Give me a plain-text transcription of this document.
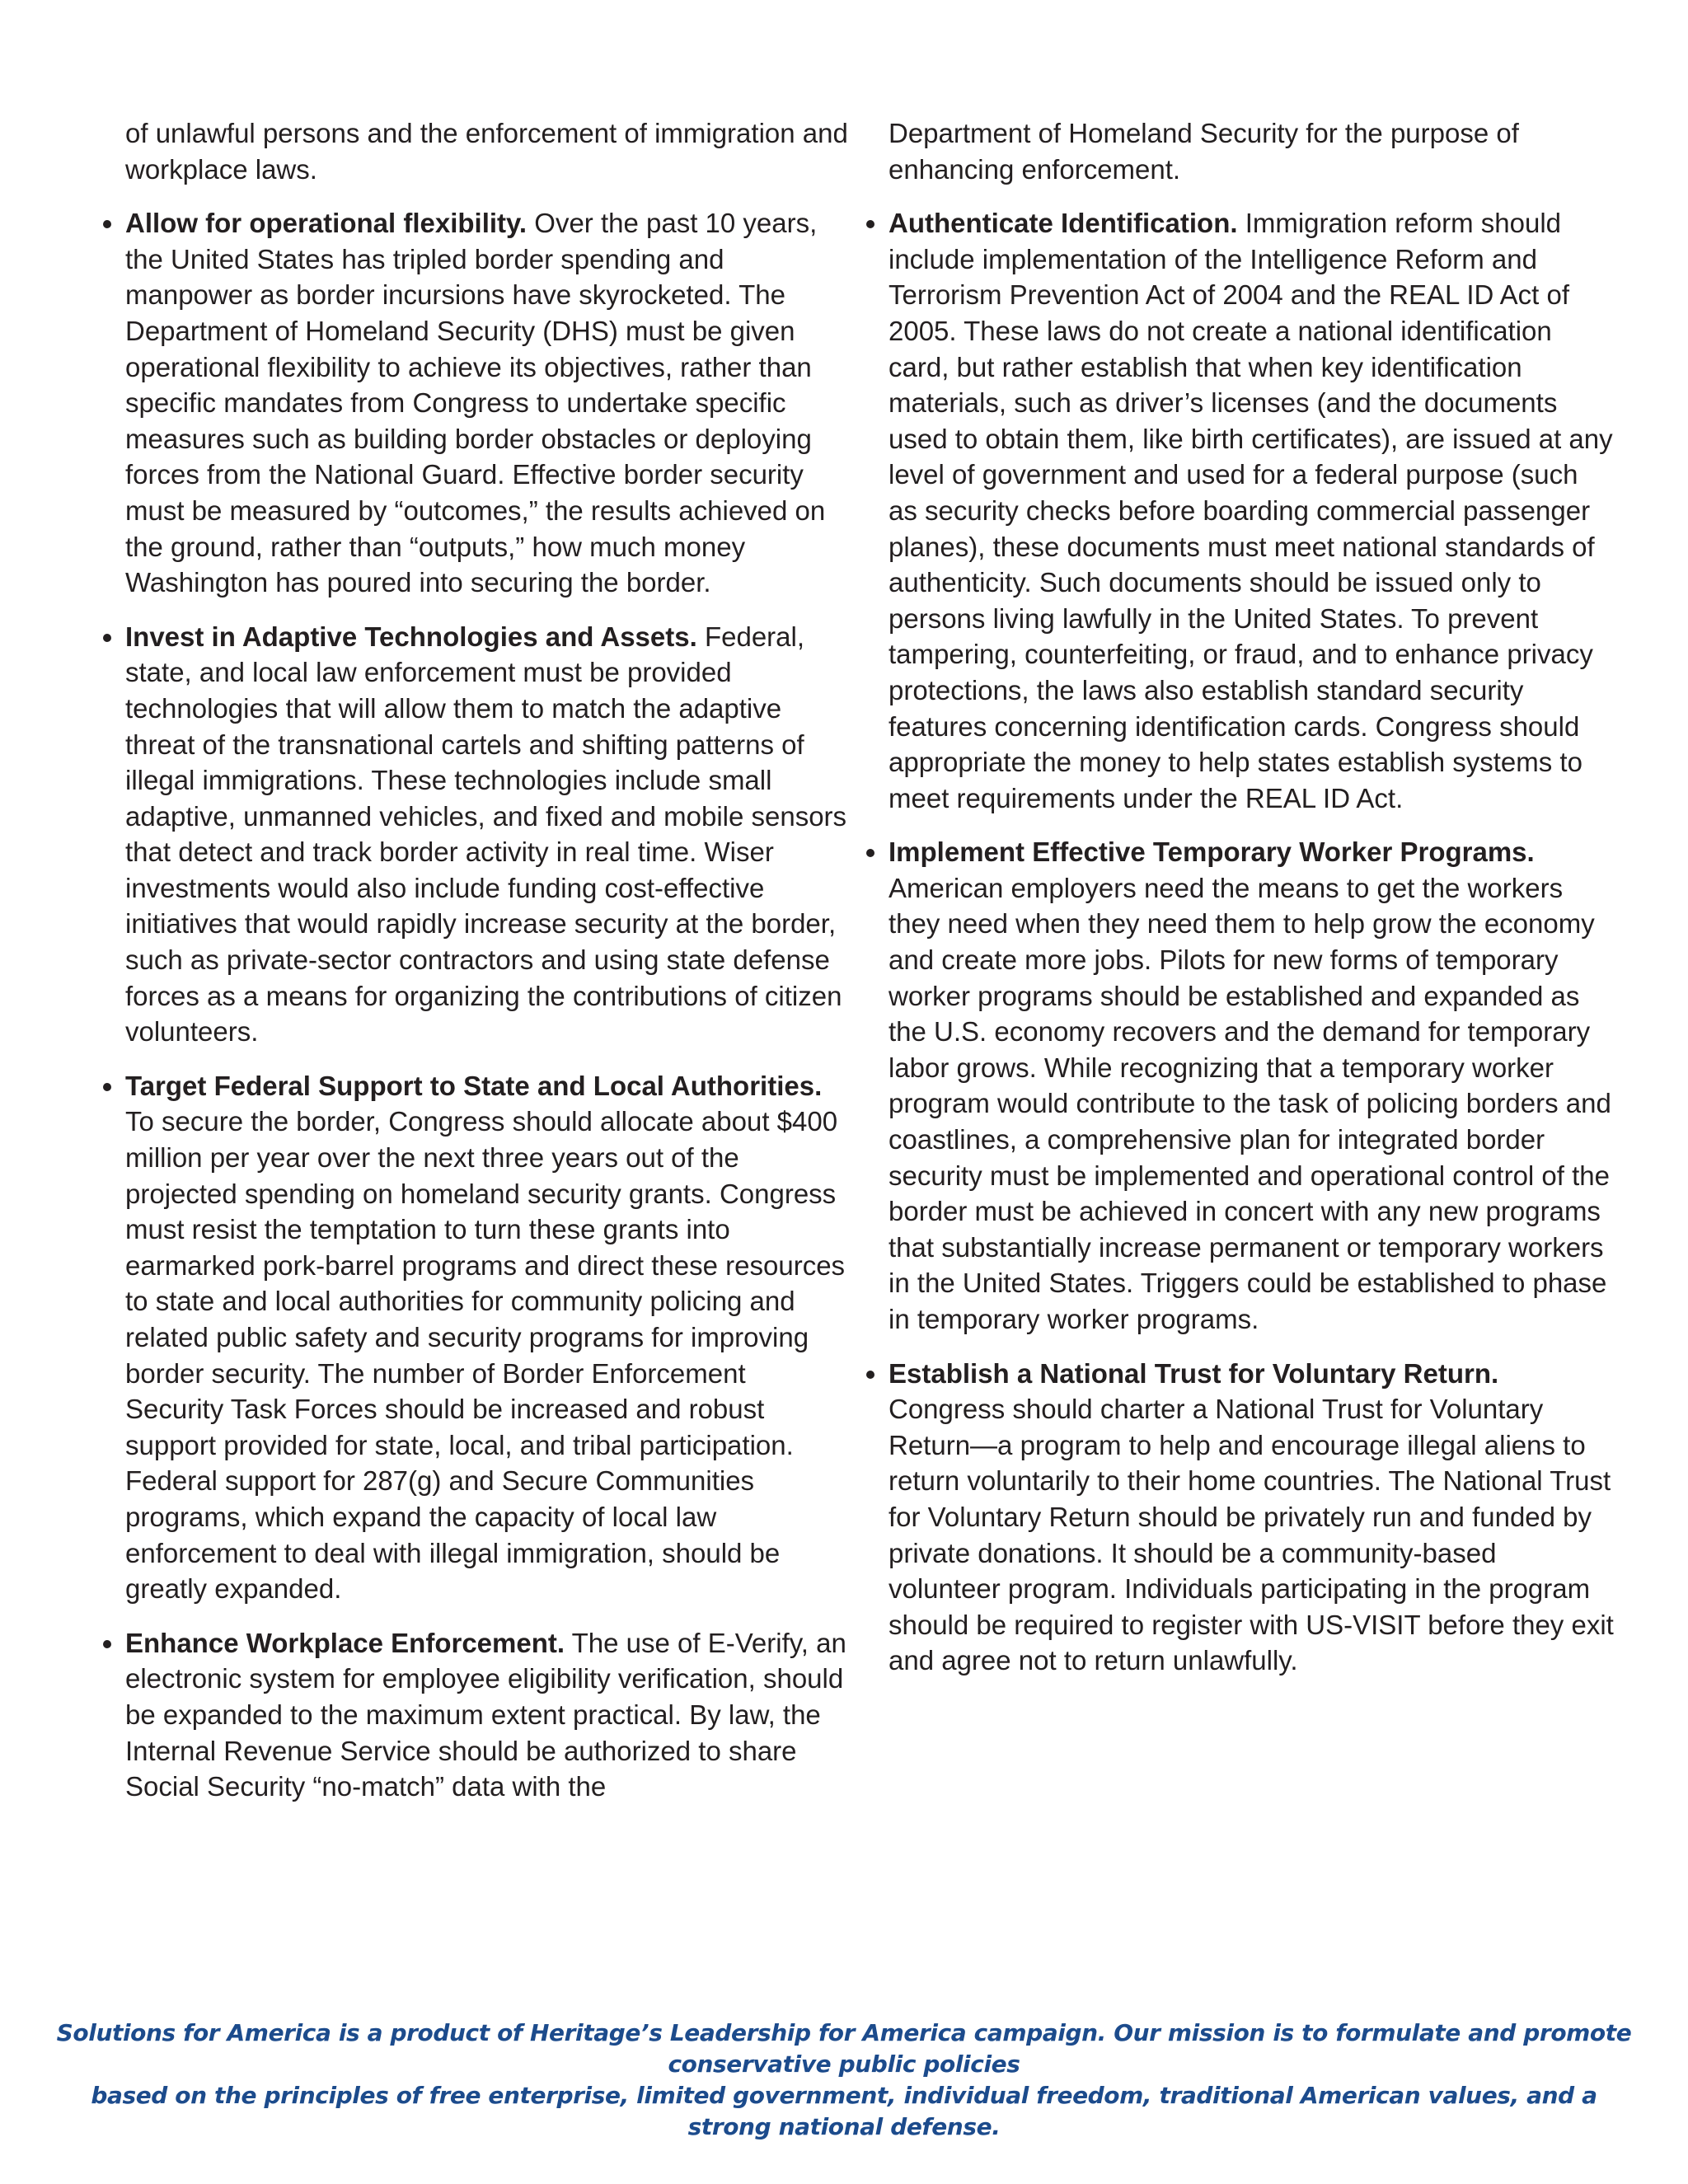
of unlawful persons and the enforcement of immigration and workplace laws.

Allow for operational flexibility. Over the past 10 years, the United States has tripled border spending and manpower as border incursions have skyrocketed. The Department of Homeland Security (DHS) must be given operational flexibility to achieve its objectives, rather than specific mandates from Congress to undertake specific measures such as building border obstacles or deploying forces from the National Guard. Effective border security must be measured by “outcomes,” the results achieved on the ground, rather than “outputs,” how much money Washington has poured into securing the border.

Invest in Adaptive Technologies and Assets. Federal, state, and local law enforcement must be provided technologies that will allow them to match the adaptive threat of the transnational cartels and shifting patterns of illegal immigrations. These technologies include small adaptive, unmanned vehicles, and fixed and mobile sensors that detect and track border activity in real time. Wiser investments would also include funding cost-effective initiatives that would rapidly increase security at the border, such as private-sector contractors and using state defense forces as a means for organizing the contributions of citizen volunteers.

Target Federal Support to State and Local Authorities. To secure the border, Congress should allocate about $400 million per year over the next three years out of the projected spending on homeland security grants. Congress must resist the temptation to turn these grants into earmarked pork-barrel programs and direct these resources to state and local authorities for community policing and related public safety and security programs for improving border security. The number of Border Enforcement Security Task Forces should be increased and robust support provided for state, local, and tribal participation. Federal support for 287(g) and Secure Communities programs, which expand the capacity of local law enforcement to deal with illegal immigration, should be greatly expanded.

Enhance Workplace Enforcement. The use of E-Verify, an electronic system for employee eligibility verification, should be expanded to the maximum extent practical. By law, the Internal Revenue Service should be authorized to share Social Security “no-match” data with the

Department of Homeland Security for the purpose of enhancing enforcement.

Authenticate Identification. Immigration reform should include implementation of the Intelligence Reform and Terrorism Prevention Act of 2004 and the REAL ID Act of 2005. These laws do not create a national identification card, but rather establish that when key identification materials, such as driver’s licenses (and the documents used to obtain them, like birth certificates), are issued at any level of government and used for a federal purpose (such as security checks before boarding commercial passenger planes), these documents must meet national standards of authenticity. Such documents should be issued only to persons living lawfully in the United States. To prevent tampering, counterfeiting, or fraud, and to enhance privacy protections, the laws also establish standard security features concerning identification cards. Congress should appropriate the money to help states establish systems to meet requirements under the REAL ID Act.

Implement Effective Temporary Worker Programs. American employers need the means to get the workers they need when they need them to help grow the economy and create more jobs. Pilots for new forms of temporary worker programs should be established and expanded as the U.S. economy recovers and the demand for temporary labor grows. While recognizing that a temporary worker program would contribute to the task of policing borders and coastlines, a comprehensive plan for integrated border security must be implemented and operational control of the border must be achieved in concert with any new programs that substantially increase permanent or temporary workers in the United States. Triggers could be established to phase in temporary worker programs.

Establish a National Trust for Voluntary Return. Congress should charter a National Trust for Voluntary Return—a program to help and encourage illegal aliens to return voluntarily to their home countries. The National Trust for Voluntary Return should be privately run and funded by private donations. It should be a community-based volunteer program. Individuals participating in the program should be required to register with US-VISIT before they exit and agree not to return unlawfully.

Solutions for America is a product of Heritage’s Leadership for America campaign. Our mission is to formulate and promote conservative public policies
based on the principles of free enterprise, limited government, individual freedom, traditional American values, and a strong national defense.
